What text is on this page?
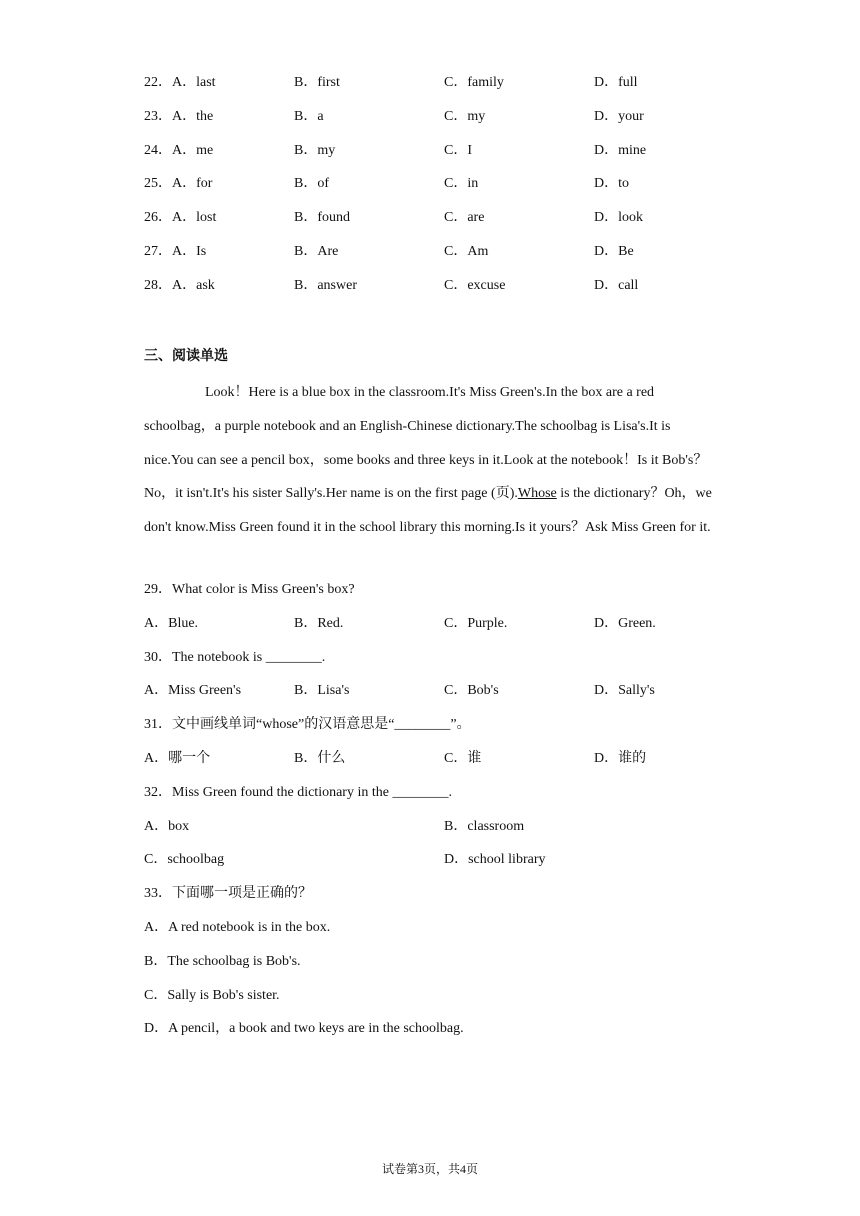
22．A．last	B．first	C．family	D．full
23．A．the	B．a	C．my	D．your
24．A．me	B．my	C．I	D．mine
25．A．for	B．of	C．in	D．to
26．A．lost	B．found	C．are	D．look
27．A．Is	B．Are	C．Am	D．Be
28．A．ask	B．answer	C．excuse	D．call
三、阅读单选

Look！Here is a blue box in the classroom.It's Miss Green's.In the box are a red schoolbag，a purple notebook and an English-Chinese dictionary.The schoolbag is Lisa's.It is nice.You can see a pencil box，some books and three keys in it.Look at the notebook！Is it Bob's？No，it isn't.It's his sister Sally's.Her name is on the first page (页).Whose is the dictionary？Oh，we don't know.Miss Green found it in the school library this morning.Is it yours？Ask Miss Green for it.

29．What color is Miss Green's box?
A．Blue.	B．Red.	C．Purple.	D．Green.
30．The notebook is ________.
A．Miss Green's	B．Lisa's	C．Bob's	D．Sally's
31．文中画线单词“whose”的汉语意思是“________”。
A．哪一个	B．什么	C．谁	D．谁的
32．Miss Green found the dictionary in the ________.
A．box	B．classroom
C．schoolbag	D．school library
33．下面哪一项是正确的？
A．A red notebook is in the box.
B．The schoolbag is Bob's.
C．Sally is Bob's sister.
D．A pencil，a book and two keys are in the schoolbag.
试卷第3页，共4页
